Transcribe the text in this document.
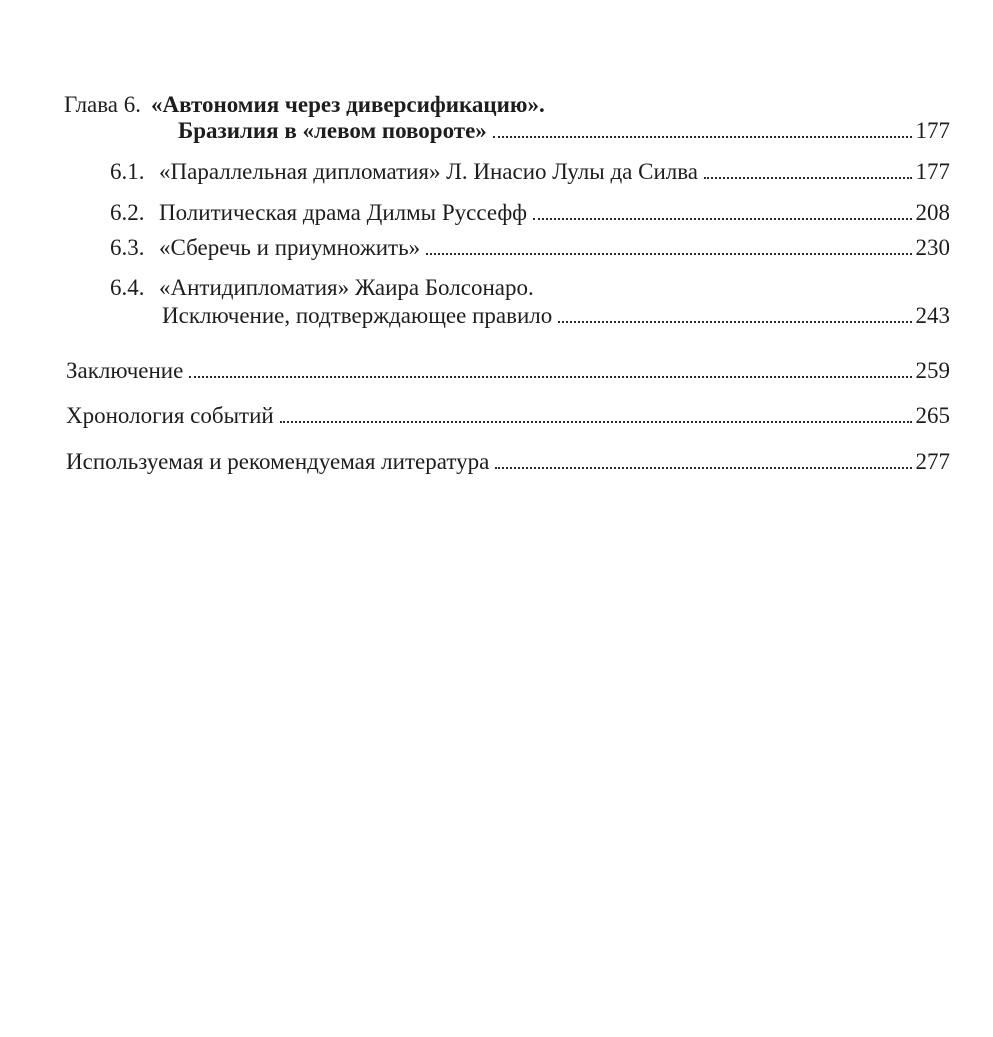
Глава 6. «Автономия через диверсификацию».
Бразилия в «левом повороте»	177
6.1. «Параллельная дипломатия» Л. Инасио Лулы да Силва	177
6.2. Политическая драма Дилмы Руссефф	208
6.3. «Сберечь и приумножить»	230
6.4. «Антидипломатия» Жаира Болсонаро.
Исключение, подтверждающее правило	243
Заключение	259
Хронология событий	265
Используемая и рекомендуемая литература	277
